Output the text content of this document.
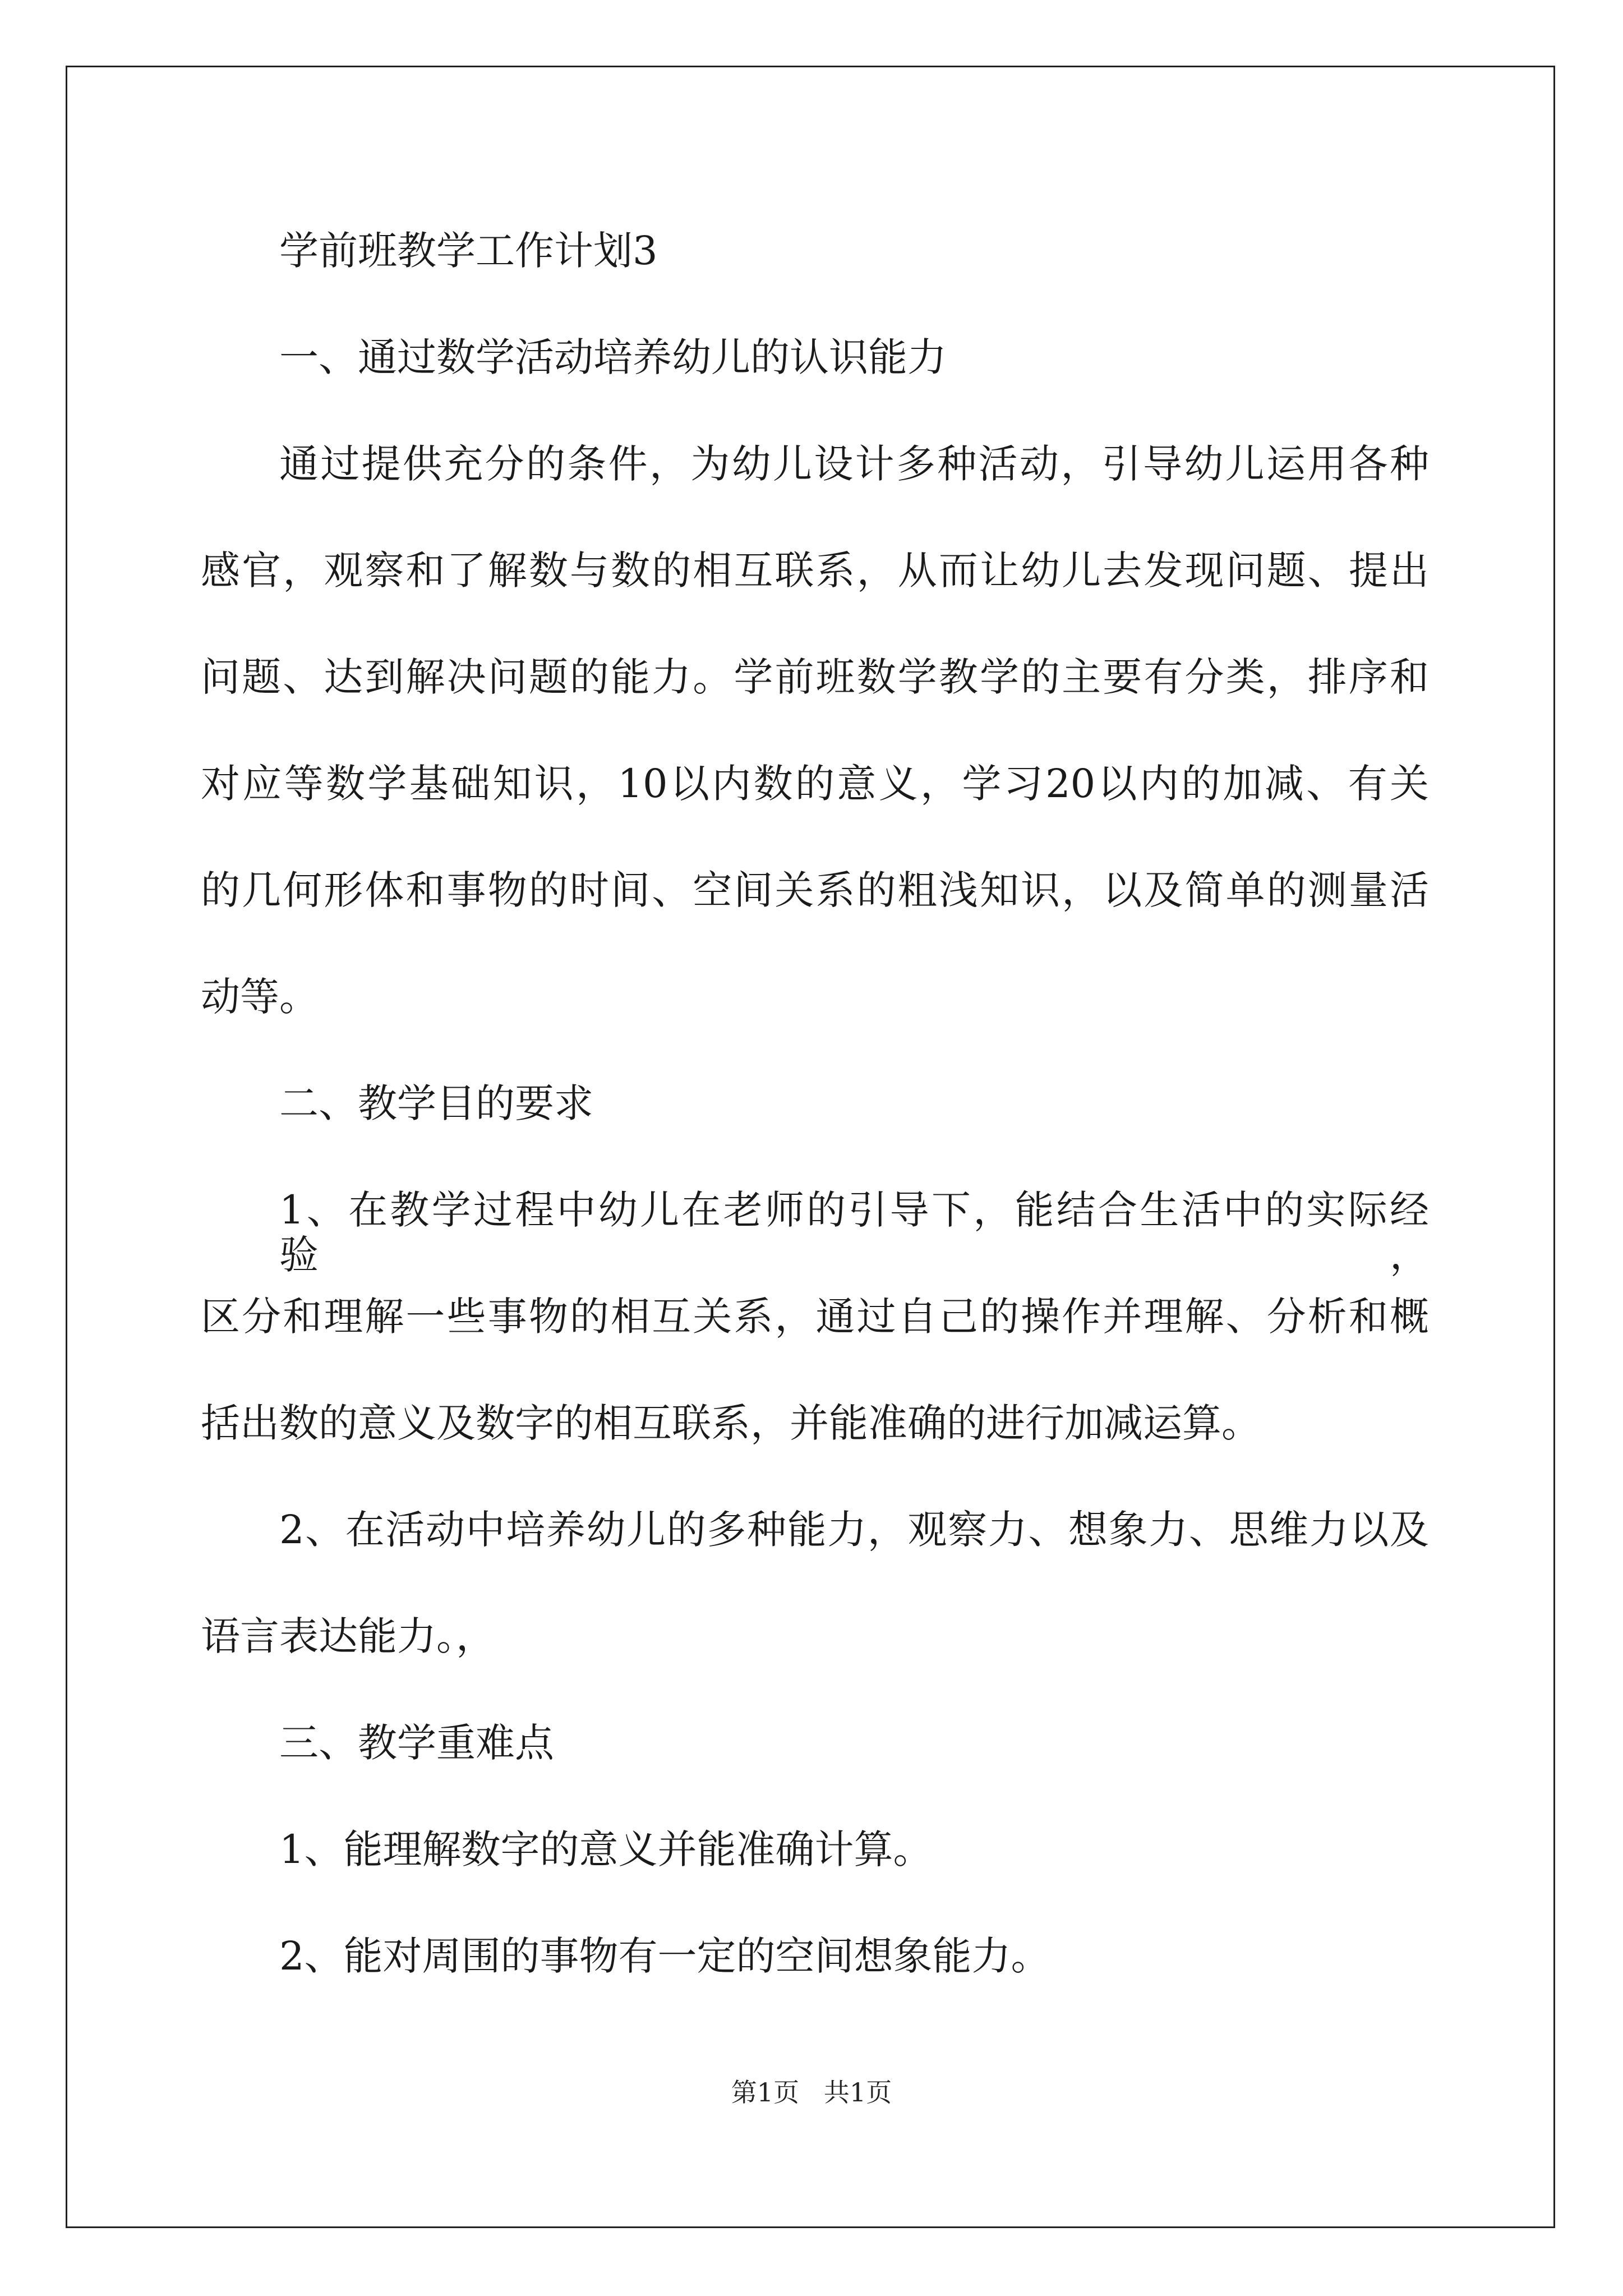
学前班教学工作计划3
一、通过数学活动培养幼儿的认识能力
通过提供充分的条件，为幼儿设计多种活动，引导幼儿运用各种
感官，观察和了解数与数的相互联系，从而让幼儿去发现问题、提出
问题、达到解决问题的能力。学前班数学教学的主要有分类，排序和
对应等数学基础知识，10以内数的意义，学习20以内的加减、有关
的几何形体和事物的时间、空间关系的粗浅知识，以及简单的测量活
动等。
二、教学目的要求
1、在教学过程中幼儿在老师的引导下，能结合生活中的实际经验，
区分和理解一些事物的相互关系，通过自己的操作并理解、分析和概
括出数的意义及数字的相互联系，并能准确的进行加减运算。
2、在活动中培养幼儿的多种能力，观察力、想象力、思维力以及
语言表达能力。，
三、教学重难点
1、能理解数字的意义并能准确计算。
2、能对周围的事物有一定的空间想象能力。
第1页   共1页
